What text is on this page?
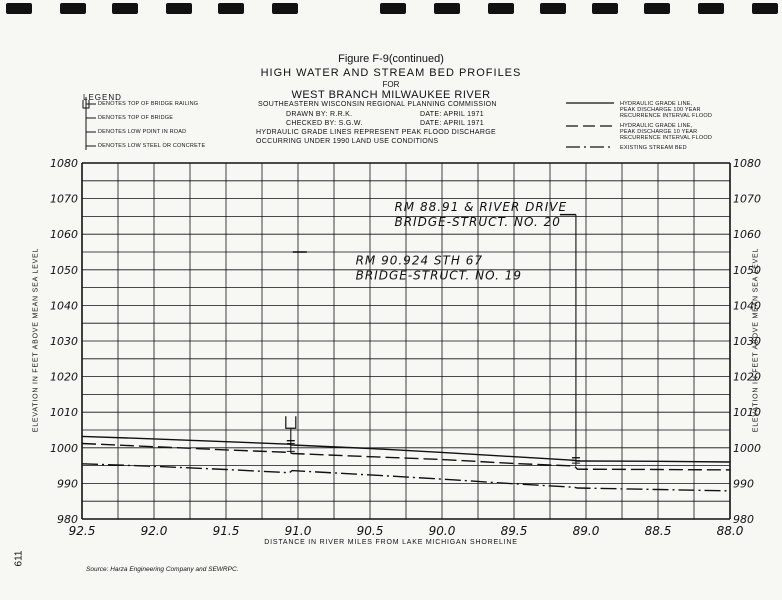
Figure F-9(continued)
HIGH WATER AND STREAM BED PROFILES
FOR
WEST BRANCH MILWAUKEE RIVER
SOUTHEASTERN WISCONSIN REGIONAL PLANNING COMMISSION
DRAWN BY: R.R.K.	DATE: APRIL 1971
CHECKED BY: S.G.W.	DATE: APRIL 1971
HYDRAULIC GRADE LINES REPRESENT PEAK FLOOD DISCHARGE
OCCURRING UNDER 1990 LAND USE CONDITIONS
LEGEND
DENOTES TOP OF BRIDGE RAILING
DENOTES TOP OF BRIDGE
DENOTES LOW POINT IN ROAD
DENOTES LOW STEEL OR CONCRETE
HYDRAULIC GRADE LINE,
PEAK DISCHARGE 100 YEAR
RECURRENCE INTERVAL FLOOD
HYDRAULIC GRADE LINE,
PEAK DISCHARGE 10 YEAR
RECURRENCE INTERVAL FLOOD
EXISTING STREAM BED
ELEVATION IN FEET ABOVE MEAN SEA LEVEL	ELEVATION IN FEET ABOVE MEAN SEA LEVEL
DISTANCE IN RIVER MILES FROM LAKE MICHIGAN SHORELINE
Source: Harza Engineering Company and SEWRPC.
611
980	980
990	990
1000	1000
1010	1010
1020	1020
1030	1030
1040	1040
1050	1050
1060	1060
1070	1070
1080	1080
92.5	92.0	91.5	91.0	90.5	90.0	89.5	89.0	88.5	88.0
RM 90.924 STH 67
BRIDGE-STRUCT. NO. 19
RM 88.91 & RIVER DRIVE
BRIDGE-STRUCT. NO. 20
